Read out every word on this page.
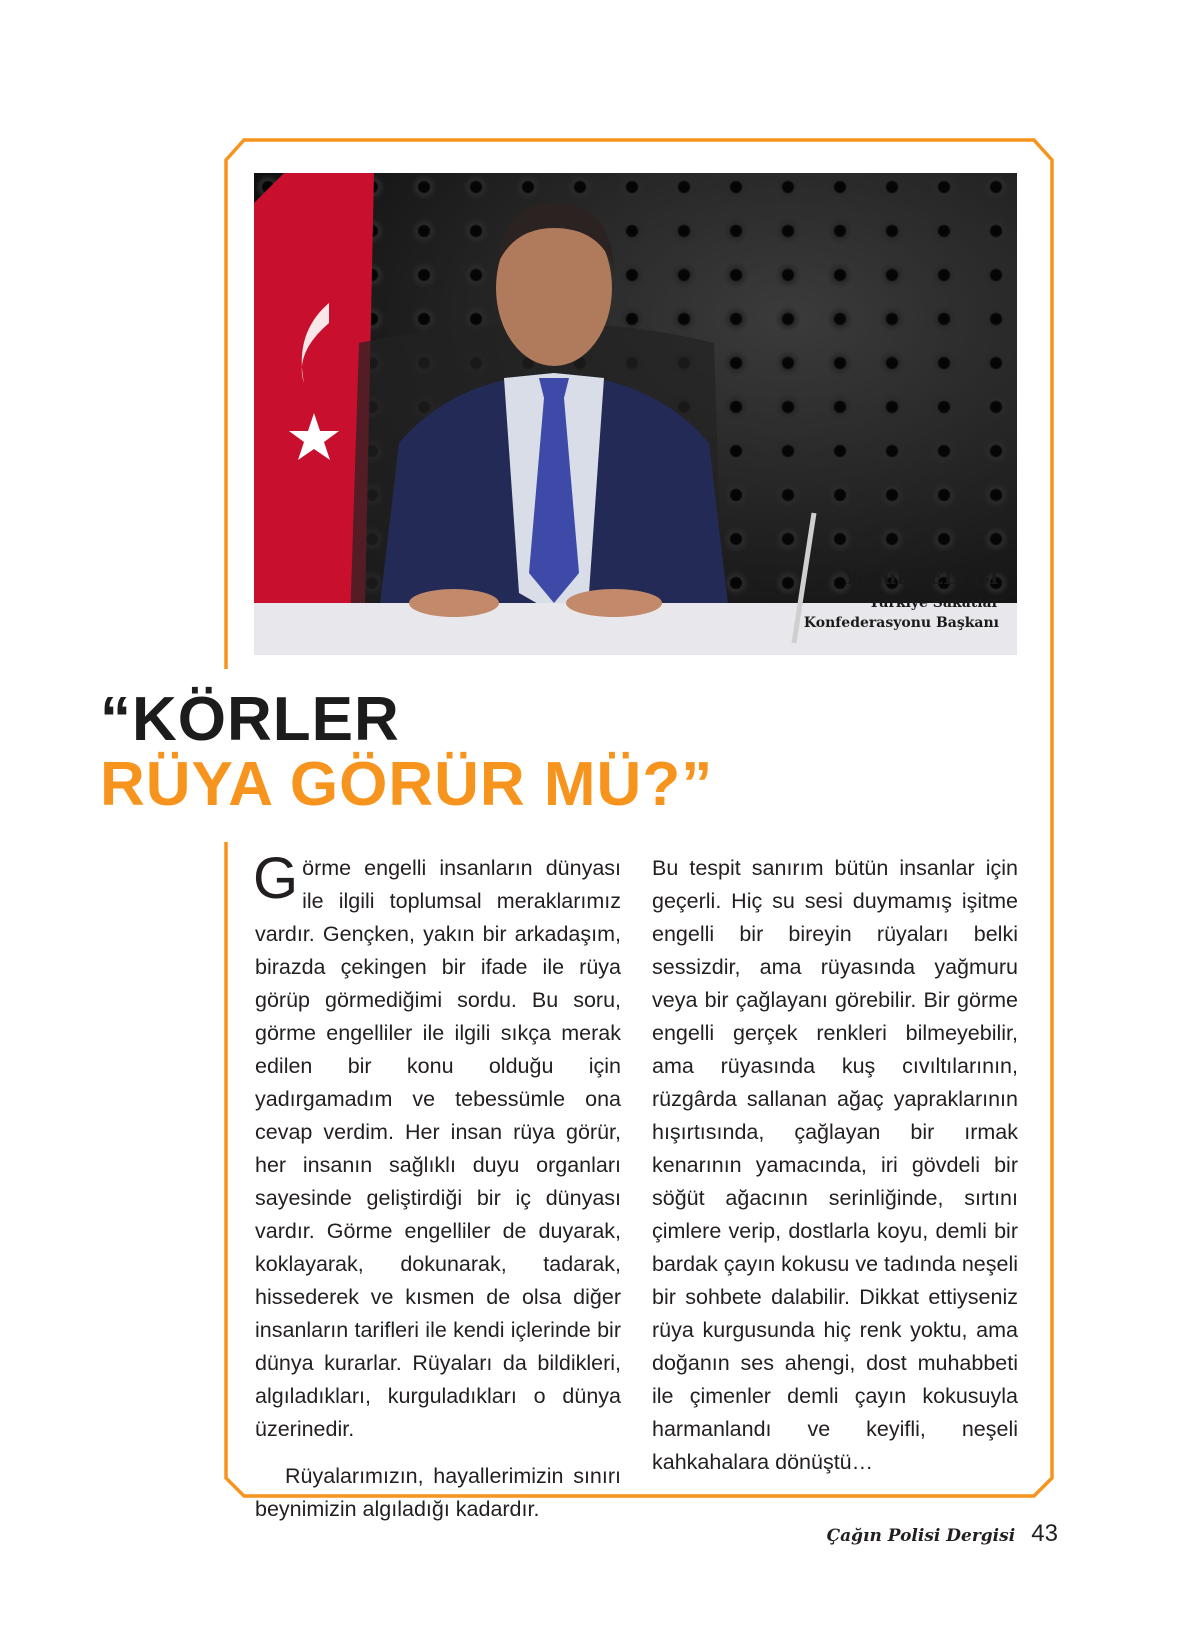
Yusuf ÇELEBİ
Türkiye Sakatlar
Konfederasyonu Başkanı
“KÖRLER
RÜYA GÖRÜR MÜ?”

Görme engelli insanların dünyası ile ilgili toplumsal meraklarımız vardır. Gençken, yakın bir arkadaşım, birazda çekingen bir ifade ile rüya görüp görmediğimi sordu. Bu soru, görme engelliler ile ilgili sıkça merak edilen bir konu olduğu için yadırgamadım ve tebessümle ona cevap verdim. Her insan rüya görür, her insanın sağlıklı duyu organları sayesinde geliştirdiği bir iç dünyası vardır. Görme engelliler de duyarak, koklayarak, dokunarak, tadarak, hissederek ve kısmen de olsa diğer insanların tarifleri ile kendi içlerinde bir dünya kurarlar. Rüyaları da bildikleri, algıladıkları, kurguladıkları o dünya üzerinedir.

Rüyalarımızın, hayallerimizin sınırı beynimizin algıladığı kadardır.

Bu tespit sanırım bütün insanlar için geçerli. Hiç su sesi duymamış işitme engelli bir bireyin rüyaları belki sessizdir, ama rüyasında yağmuru veya bir çağlayanı görebilir. Bir görme engelli gerçek renkleri bilmeyebilir, ama rüyasında kuş cıvıltılarının, rüzgârda sallanan ağaç yapraklarının hışırtısında, çağlayan bir ırmak kenarının yamacında, iri gövdeli bir söğüt ağacının serinliğinde, sırtını çimlere verip, dostlarla koyu, demli bir bardak çayın kokusu ve tadında neşeli bir sohbete dalabilir. Dikkat ettiyseniz rüya kurgusunda hiç renk yoktu, ama doğanın ses ahengi, dost muhabbeti ile çimenler demli çayın kokusuyla harmanlandı ve keyifli, neşeli kahkahalara dönüştü…

Çağın Polisi Dergisi 43
